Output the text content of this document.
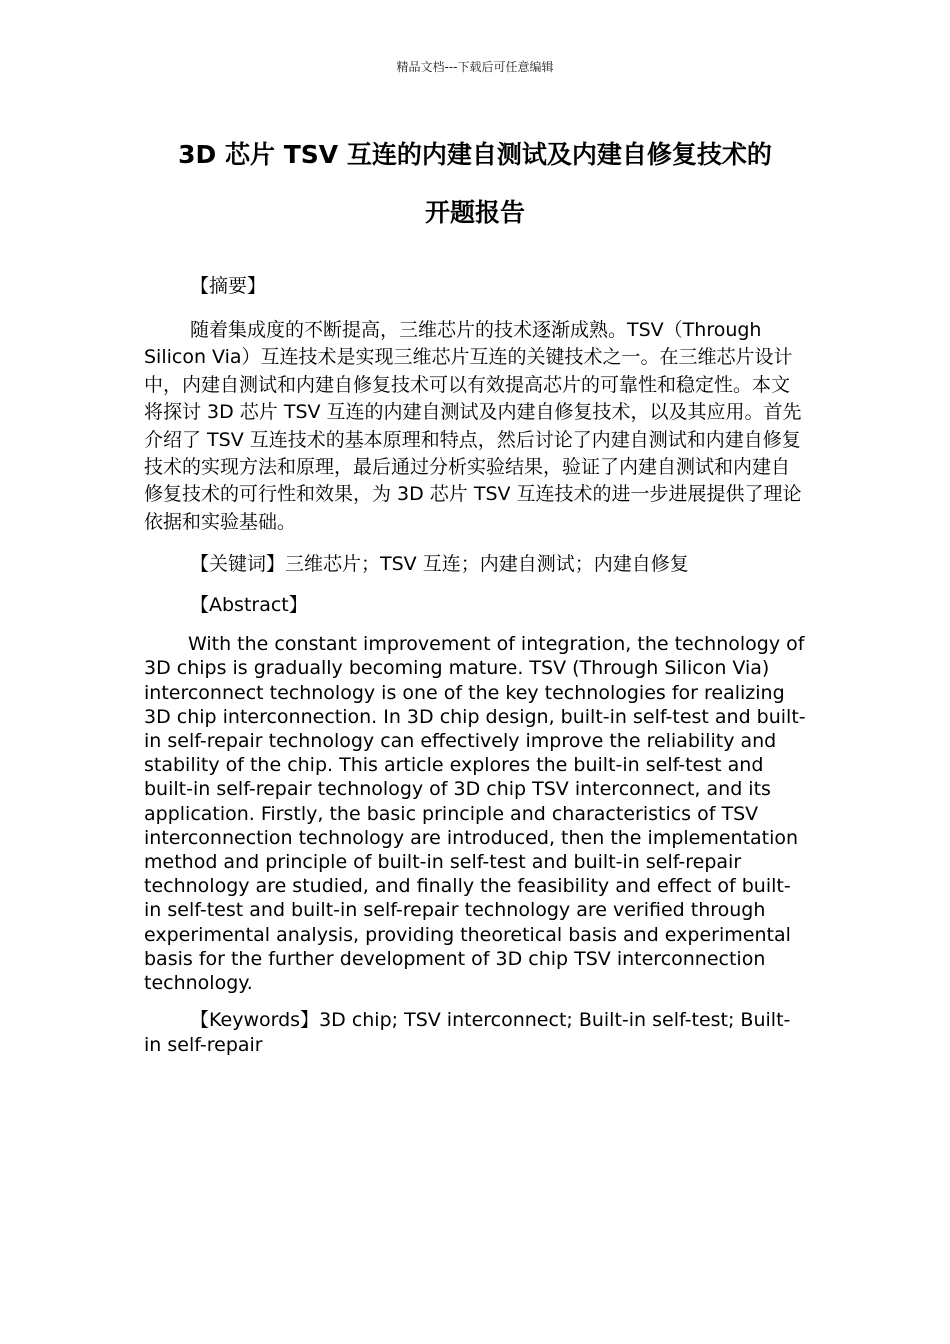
精品文档---下载后可任意编辑
3D 芯片 TSV 互连的内建自测试及内建自修复技术的
开题报告

【摘要】

随着集成度的不断提高，三维芯片的技术逐渐成熟。TSV（Through Silicon Via）互连技术是实现三维芯片互连的关键技术之一。在三维芯片设计中，内建自测试和内建自修复技术可以有效提高芯片的可靠性和稳定性。本文将探讨 3D 芯片 TSV 互连的内建自测试及内建自修复技术，以及其应用。首先介绍了 TSV 互连技术的基本原理和特点，然后讨论了内建自测试和内建自修复技术的实现方法和原理，最后通过分析实验结果，验证了内建自测试和内建自修复技术的可行性和效果，为 3D 芯片 TSV 互连技术的进一步进展提供了理论依据和实验基础。

【关键词】三维芯片；TSV 互连；内建自测试；内建自修复

【Abstract】

With the constant improvement of integration, the technology of 3D chips is gradually becoming mature. TSV (Through Silicon Via) interconnect technology is one of the key technologies for realizing 3D chip interconnection. In 3D chip design, built-in self-test and built-in self-repair technology can effectively improve the reliability and stability of the chip. This article explores the built-in self-test and built-in self-repair technology of 3D chip TSV interconnect, and its application. Firstly, the basic principle and characteristics of TSV interconnection technology are introduced, then the implementation method and principle of built-in self-test and built-in self-repair technology are studied, and finally the feasibility and effect of built-in self-test and built-in self-repair technology are verified through experimental analysis, providing theoretical basis and experimental basis for the further development of 3D chip TSV interconnection technology.

【Keywords】3D chip; TSV interconnect; Built-in self-test; Built-in self-repair
